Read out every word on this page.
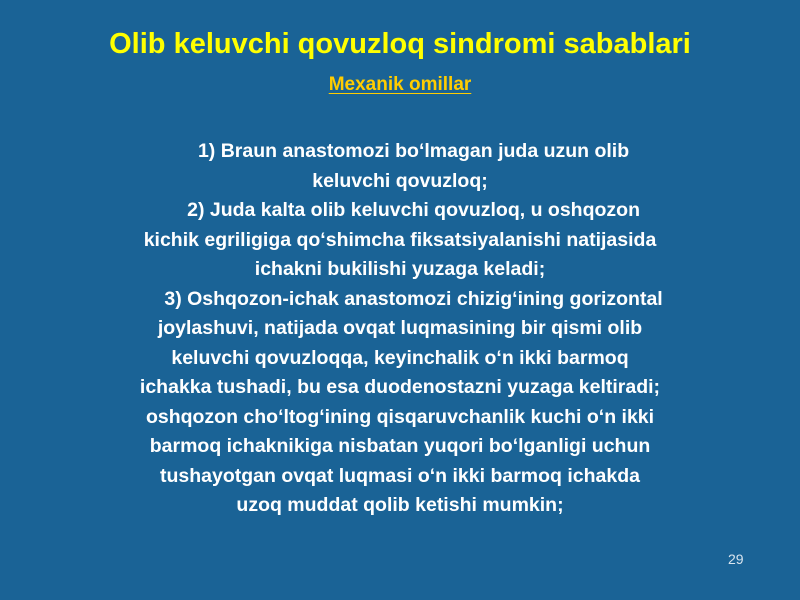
Olib keluvchi qovuzloq sindromi sabablari
Mexanik omillar
1) Braun anastomozi bo‘lmagan juda uzun olib
keluvchi qovuzloq;
2) Juda kalta olib keluvchi qovuzloq, u oshqozon
kichik egriligiga qo‘shimcha fiksatsiyalanishi natijasida
ichakni bukilishi yuzaga keladi;
3) Oshqozon-ichak anastomozi chizig‘ining gorizontal
joylashuvi, natijada ovqat luqmasining bir qismi olib
keluvchi qovuzloqqa, keyinchalik o‘n ikki barmoq
ichakka tushadi, bu esa duodenostazni yuzaga keltiradi;
oshqozon cho‘ltog‘ining qisqaruvchanlik kuchi o‘n ikki
barmoq ichaknikiga nisbatan yuqori bo‘lganligi uchun
tushayotgan ovqat luqmasi o‘n ikki barmoq ichakda
uzoq muddat qolib ketishi mumkin;
29
